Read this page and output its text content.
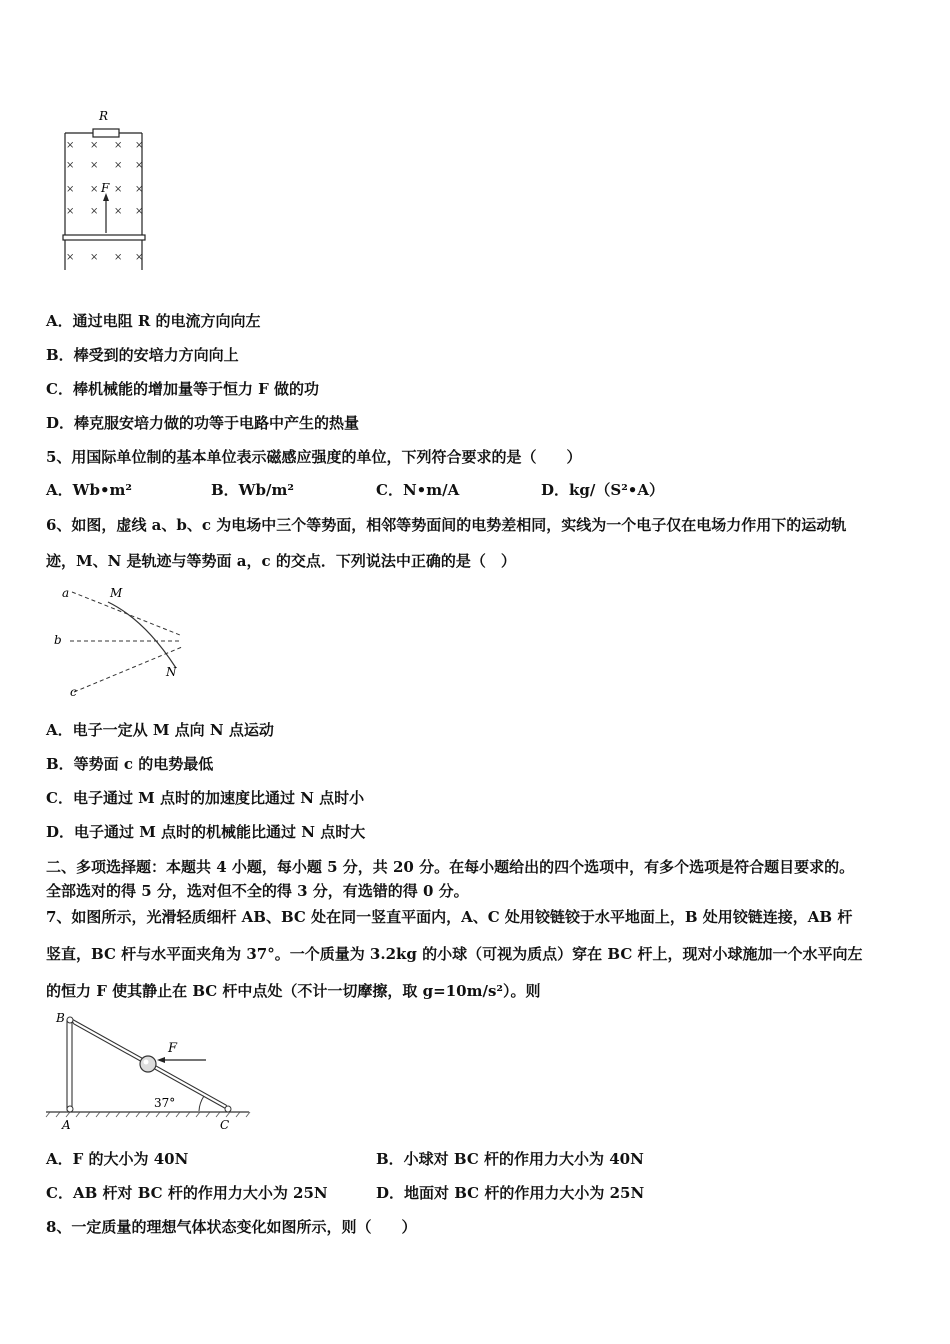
R
× × × ×
× × × ×
× × × ×
× × × ×
× × × ×
F
A．通过电阻 R 的电流方向向左
B．棒受到的安培力方向向上
C．棒机械能的增加量等于恒力 F 做的功
D．棒克服安培力做的功等于电路中产生的热量
5、用国际单位制的基本单位表示磁感应强度的单位，下列符合要求的是（　　）
A．Wb•m²	B．Wb/m²	C．N•m/A	D．kg/（S²•A）
6、如图，虚线 a、b、c 为电场中三个等势面，相邻等势面间的电势差相同，实线为一个电子仅在电场力作用下的运动轨
迹，M、N 是轨迹与等势面 a，c 的交点．下列说法中正确的是（　）
a
b
c
M
N
A．电子一定从 M 点向 N 点运动
B．等势面 c 的电势最低
C．电子通过 M 点时的加速度比通过 N 点时小
D．电子通过 M 点时的机械能比通过 N 点时大
二、多项选择题：本题共 4 小题，每小题 5 分，共 20 分。在每小题给出的四个选项中，有多个选项是符合题目要求的。
全部选对的得 5 分，选对但不全的得 3 分，有选错的得 0 分。
7、如图所示，光滑轻质细杆 AB、BC 处在同一竖直平面内，A、C 处用铰链铰于水平地面上，B 处用铰链连接，AB 杆
竖直，BC 杆与水平面夹角为 37°。一个质量为 3.2kg 的小球（可视为质点）穿在 BC 杆上，现对小球施加一个水平向左
的恒力 F 使其静止在 BC 杆中点处（不计一切摩擦，取 g=10m/s²）。则
B
A	C
F
37°
A．F 的大小为 40N	B．小球对 BC 杆的作用力大小为 40N
C．AB 杆对 BC 杆的作用力大小为 25N	D．地面对 BC 杆的作用力大小为 25N
8、一定质量的理想气体状态变化如图所示，则（　　）
